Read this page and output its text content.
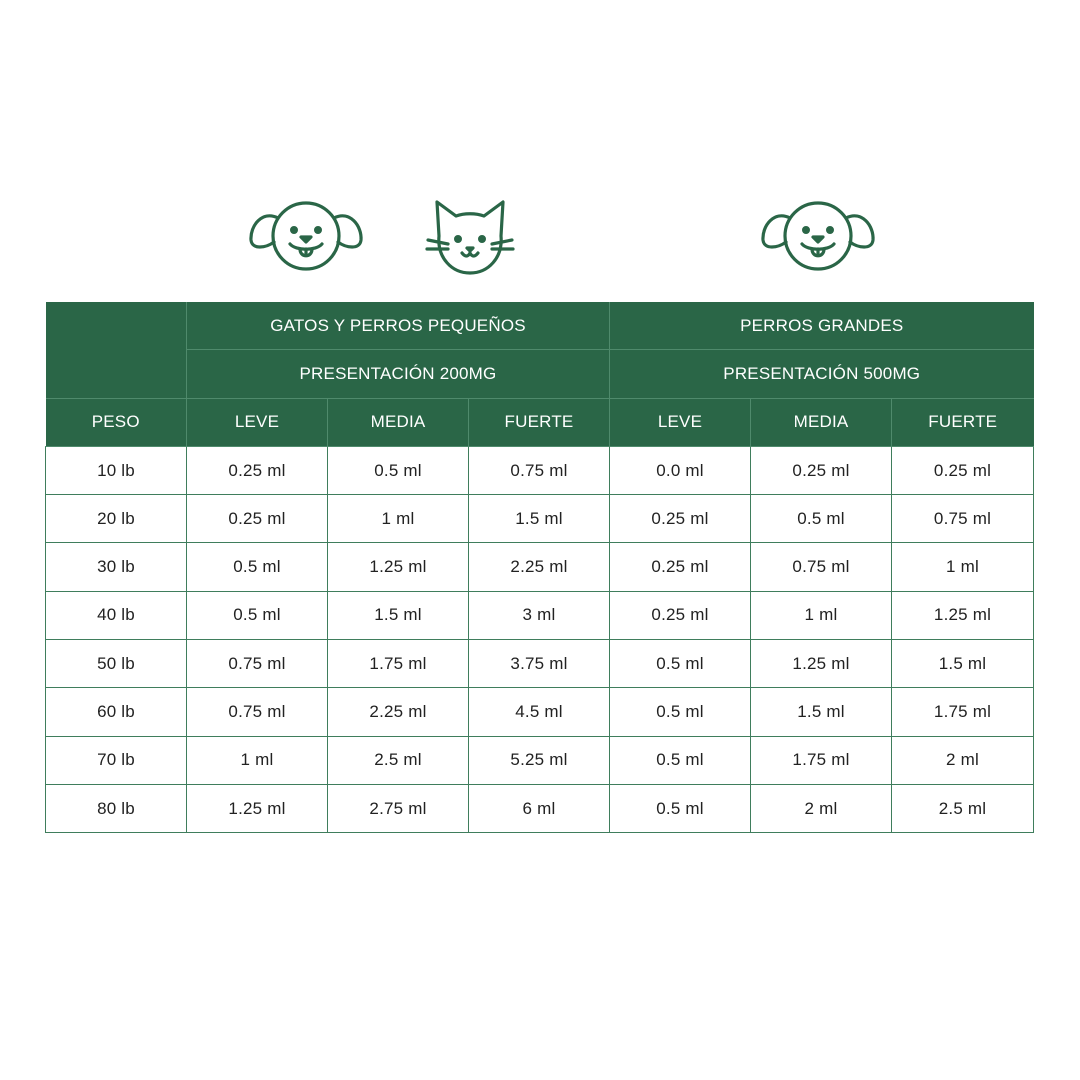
	GATOS Y PERROS PEQUEÑOS			PERROS GRANDES		
	PRESENTACIÓN 200MG			PRESENTACIÓN 500MG		
PESO	LEVE	MEDIA	FUERTE	LEVE	MEDIA	FUERTE
10 lb	0.25 ml	0.5 ml	0.75 ml	0.0 ml	0.25 ml	0.25 ml
20 lb	0.25 ml	1 ml	1.5 ml	0.25 ml	0.5 ml	0.75 ml
30 lb	0.5 ml	1.25 ml	2.25 ml	0.25 ml	0.75 ml	1 ml
40 lb	0.5 ml	1.5 ml	3 ml	0.25 ml	1 ml	1.25 ml
50 lb	0.75 ml	1.75 ml	3.75 ml	0.5 ml	1.25 ml	1.5 ml
60 lb	0.75 ml	2.25 ml	4.5 ml	0.5 ml	1.5 ml	1.75 ml
70 lb	1 ml	2.5 ml	5.25 ml	0.5 ml	1.75 ml	2 ml
80 lb	1.25 ml	2.75 ml	6 ml	0.5 ml	2 ml	2.5 ml
